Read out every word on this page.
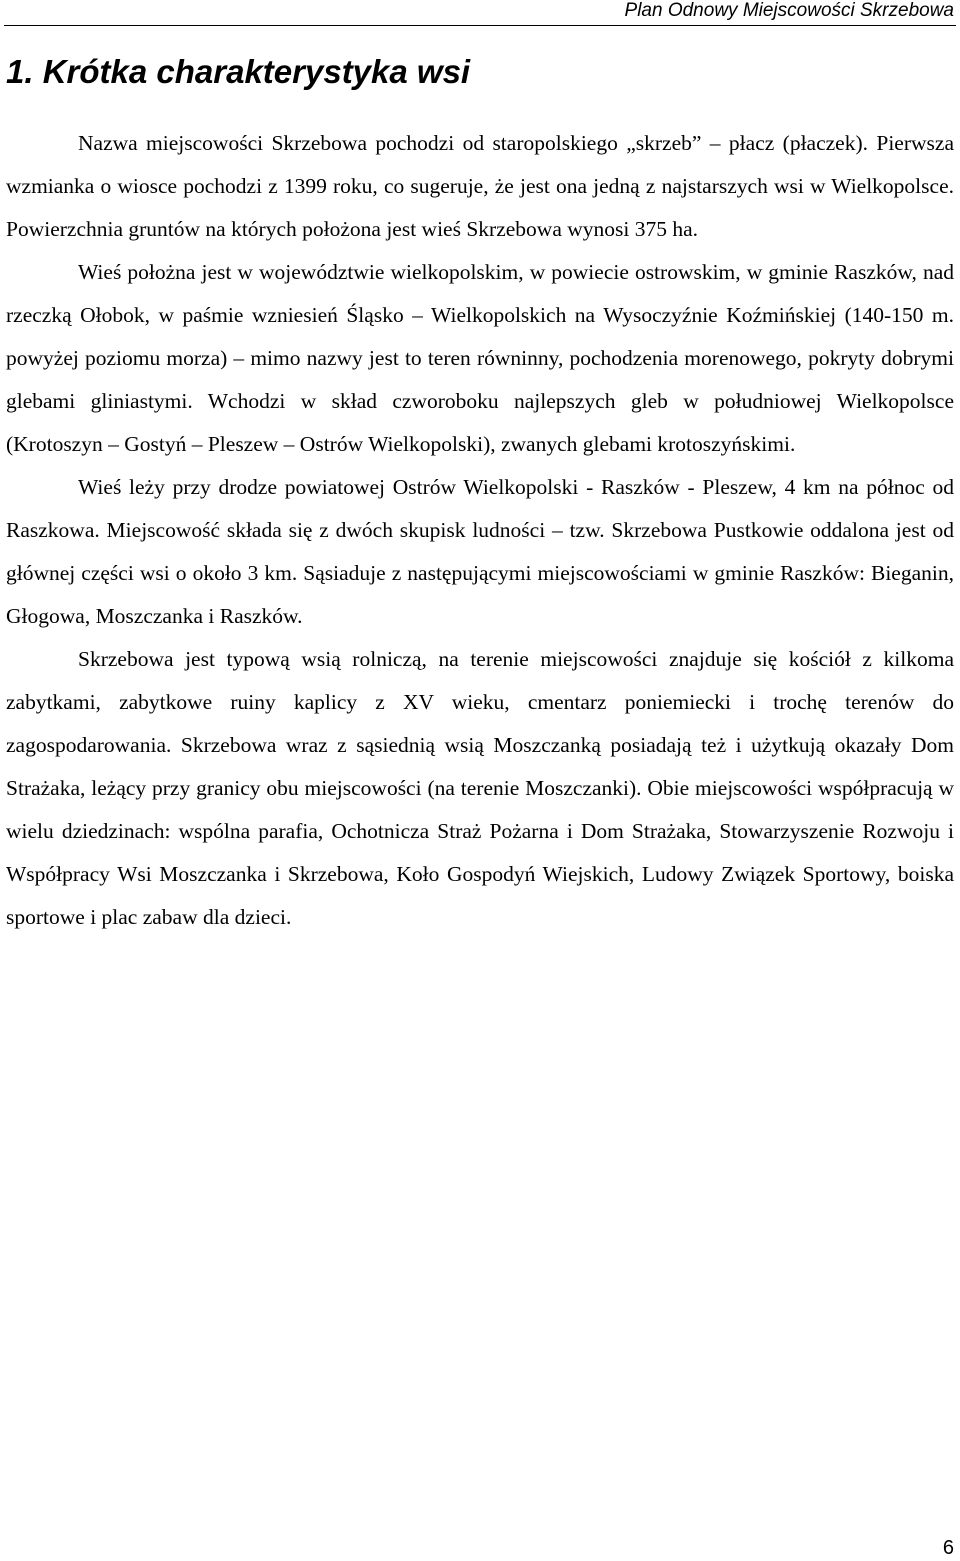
Plan Odnowy Miejscowości Skrzebowa
1. Krótka charakterystyka wsi

Nazwa miejscowości Skrzebowa pochodzi od staropolskiego „skrzeb” – płacz (płaczek). Pierwsza wzmianka o wiosce pochodzi z 1399 roku, co sugeruje, że jest ona jedną z najstarszych wsi w Wielkopolsce. Powierzchnia gruntów na których położona jest wieś Skrzebowa wynosi 375 ha.

Wieś położna jest w województwie wielkopolskim, w powiecie ostrowskim, w gminie Raszków, nad rzeczką Ołobok, w paśmie wzniesień Śląsko – Wielkopolskich na Wysoczyźnie Koźmińskiej (140-150 m. powyżej poziomu morza) – mimo nazwy jest to teren równinny, pochodzenia morenowego, pokryty dobrymi glebami gliniastymi. Wchodzi w skład czworoboku najlepszych gleb w południowej Wielkopolsce (Krotoszyn – Gostyń – Pleszew – Ostrów Wielkopolski), zwanych glebami krotoszyńskimi.

Wieś leży przy drodze powiatowej Ostrów Wielkopolski - Raszków - Pleszew, 4 km na północ od Raszkowa. Miejscowość składa się z dwóch skupisk ludności – tzw. Skrzebowa Pustkowie oddalona jest od głównej części wsi o około 3 km. Sąsiaduje z następującymi miejscowościami w gminie Raszków: Bieganin, Głogowa, Moszczanka i Raszków.

Skrzebowa jest typową wsią rolniczą, na terenie miejscowości znajduje się kościół z kilkoma zabytkami, zabytkowe ruiny kaplicy z XV wieku, cmentarz poniemiecki i trochę terenów do zagospodarowania. Skrzebowa wraz z sąsiednią wsią Moszczanką posiadają też i użytkują okazały Dom Strażaka, leżący przy granicy obu miejscowości (na terenie Moszczanki). Obie miejscowości współpracują w wielu dziedzinach: wspólna parafia, Ochotnicza Straż Pożarna i Dom Strażaka, Stowarzyszenie Rozwoju i Współpracy Wsi Moszczanka i Skrzebowa, Koło Gospodyń Wiejskich, Ludowy Związek Sportowy, boiska sportowe i plac zabaw dla dzieci.

6
